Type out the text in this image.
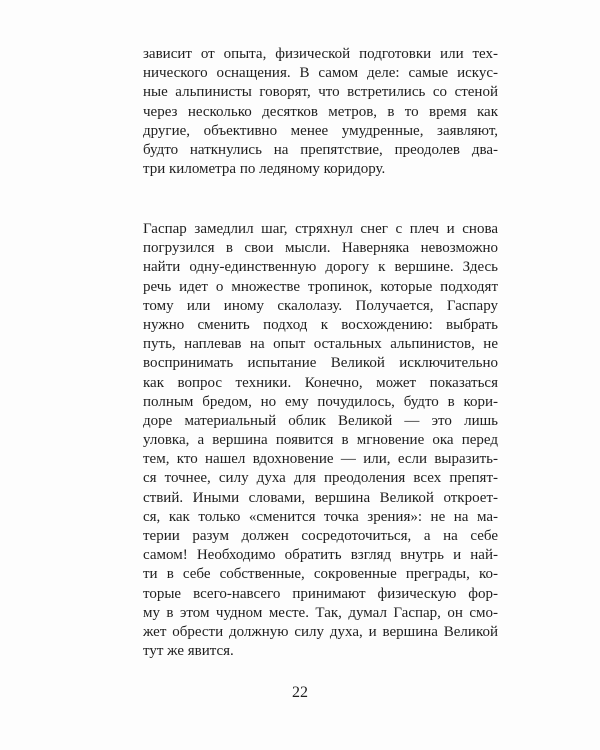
зависит от опыта, физической подготовки или тех-
нического оснащения. В самом деле: самые искус-
ные альпинисты говорят, что встретились со стеной
через несколько десятков метров, в то время как
другие, объективно менее умудренные, заявляют,
будто наткнулись на препятствие, преодолев два-
три километра по ледяному коридору.
Гаспар замедлил шаг, стряхнул снег с плеч и снова
погрузился в свои мысли. Наверняка невозможно
найти одну-единственную дорогу к вершине. Здесь
речь идет о множестве тропинок, которые подходят
тому или иному скалолазу. Получается, Гаспару
нужно сменить подход к восхождению: выбрать
путь, наплевав на опыт остальных альпинистов, не
воспринимать испытание Великой исключительно
как вопрос техники. Конечно, может показаться
полным бредом, но ему почудилось, будто в кори-
доре материальный облик Великой — это лишь
уловка, а вершина появится в мгновение ока перед
тем, кто нашел вдохновение — или, если выразить-
ся точнее, силу духа для преодоления всех препят-
ствий. Иными словами, вершина Великой откроет-
ся, как только «сменится точка зрения»: не на ма-
терии разум должен сосредоточиться, а на себе
самом! Необходимо обратить взгляд внутрь и най-
ти в себе собственные, сокровенные преграды, ко-
торые всего-навсего принимают физическую фор-
му в этом чудном месте. Так, думал Гаспар, он смо-
жет обрести должную силу духа, и вершина Великой
тут же явится.
22
